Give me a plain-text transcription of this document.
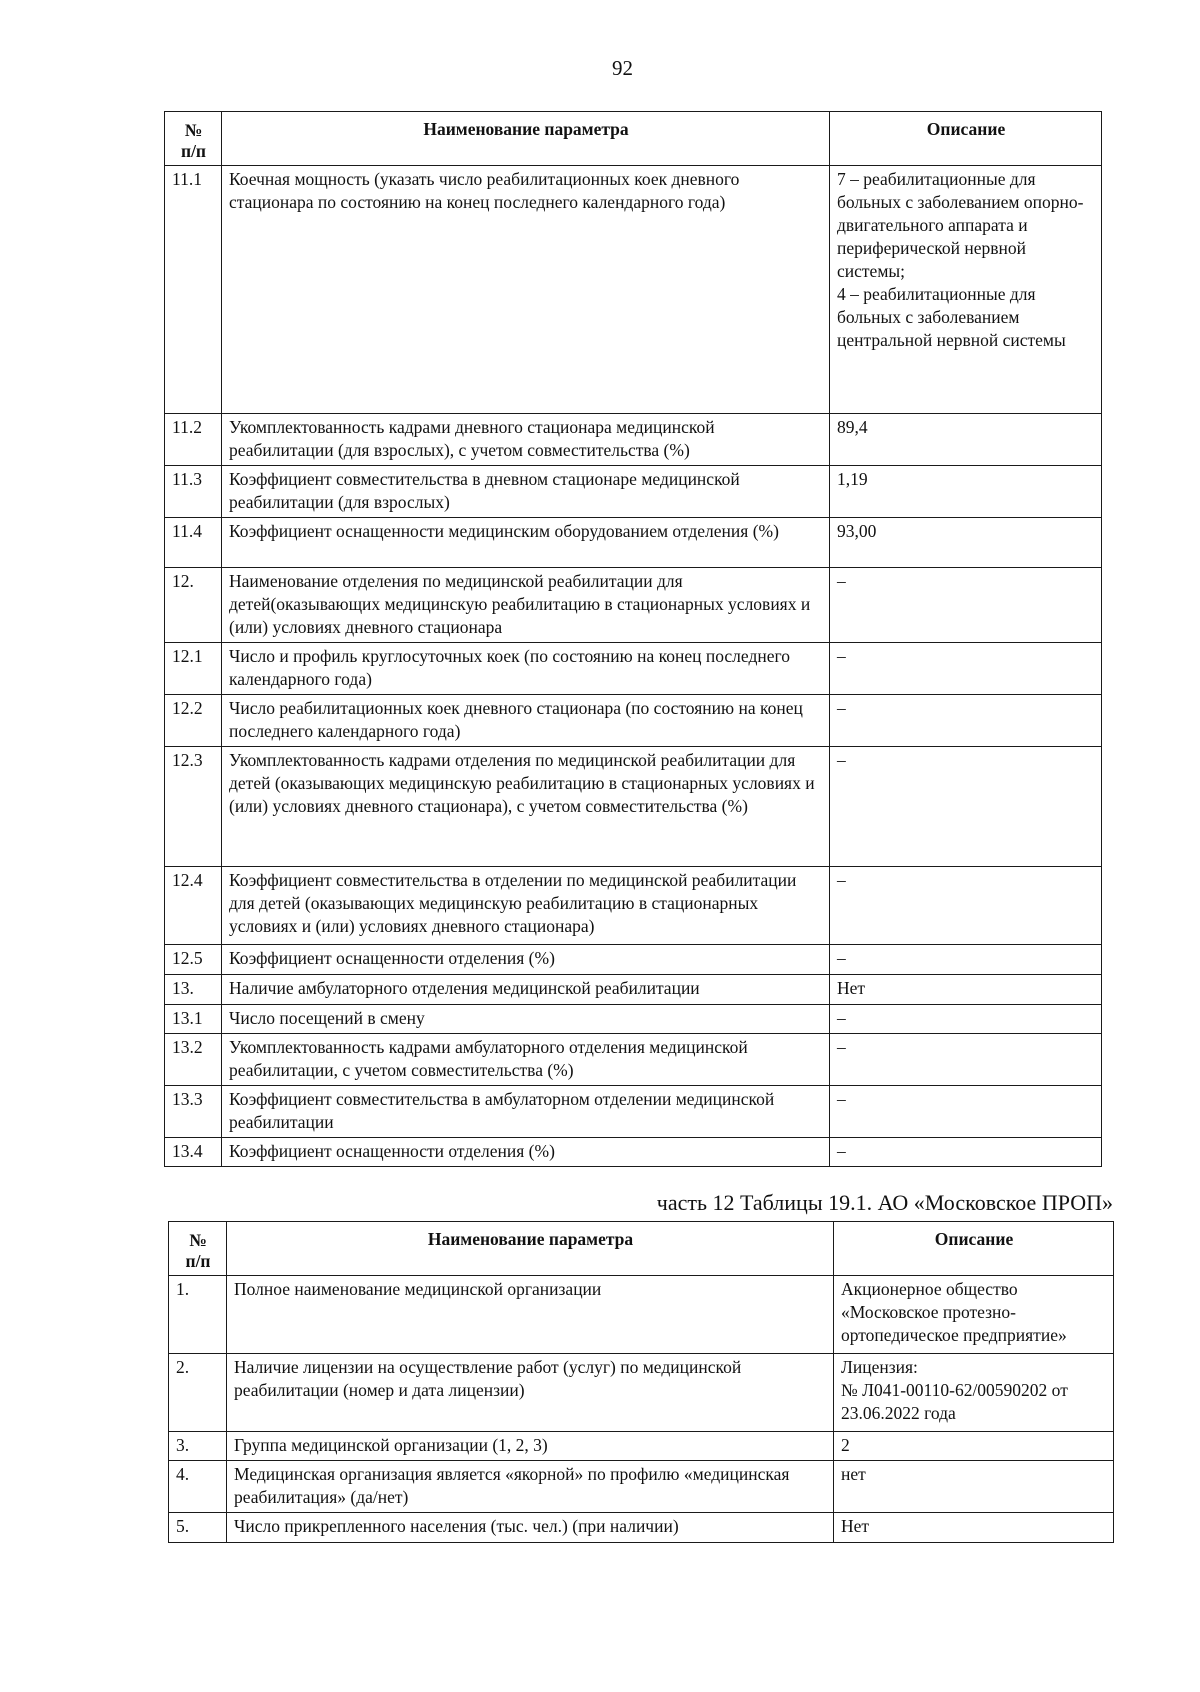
92
№
п/п	Наименование параметра	Описание
11.1	Коечная мощность (указать число реабилитационных коек дневного стационара по состоянию на конец последнего календарного года)	7 – реабилитационные для больных с заболеванием опорно-двигательного аппарата и периферической нервной системы;
4 – реабилитационные для больных с заболеванием центральной нервной системы
11.2	Укомплектованность кадрами дневного стационара медицинской реабилитации (для взрослых), с учетом совместительства (%)	89,4
11.3	Коэффициент совместительства в дневном стационаре медицинской реабилитации (для взрослых)	1,19
11.4	Коэффициент оснащенности медицинским оборудованием отделения (%)	93,00
12.	Наименование отделения по медицинской реабилитации для детей(оказывающих медицинскую реабилитацию в стационарных условиях и (или) условиях дневного стационара	–
12.1	Число и профиль круглосуточных коек (по состоянию на конец последнего календарного года)	–
12.2	Число реабилитационных коек дневного стационара (по состоянию на конец последнего календарного года)	–
12.3	Укомплектованность кадрами отделения по медицинской реабилитации для детей (оказывающих медицинскую реабилитацию в стационарных условиях и (или) условиях дневного стационара), с учетом совместительства (%)	–
12.4	Коэффициент совместительства в отделении по медицинской реабилитации для детей (оказывающих медицинскую реабилитацию в стационарных условиях и (или) условиях дневного стационара)	–
12.5	Коэффициент оснащенности отделения (%)	–
13.	Наличие амбулаторного отделения медицинской реабилитации	Нет
13.1	Число посещений в смену	–
13.2	Укомплектованность кадрами амбулаторного отделения медицинской реабилитации, с учетом совместительства (%)	–
13.3	Коэффициент совместительства в амбулаторном отделении медицинской реабилитации	–
13.4	Коэффициент оснащенности отделения (%)	–
часть 12 Таблицы 19.1. АО «Московское ПРОП»
№
п/п	Наименование параметра	Описание
1.	Полное наименование медицинской организации	Акционерное общество «Московское протезно-ортопедическое предприятие»
2.	Наличие лицензии на осуществление работ (услуг) по медицинской реабилитации (номер и дата лицензии)	Лицензия:
№ Л041-00110-62/00590202 от 23.06.2022 года
3.	Группа медицинской организации (1, 2, 3)	2
4.	Медицинская организация является «якорной» по профилю «медицинская реабилитация» (да/нет)	нет
5.	Число прикрепленного населения (тыс. чел.) (при наличии)	Нет
